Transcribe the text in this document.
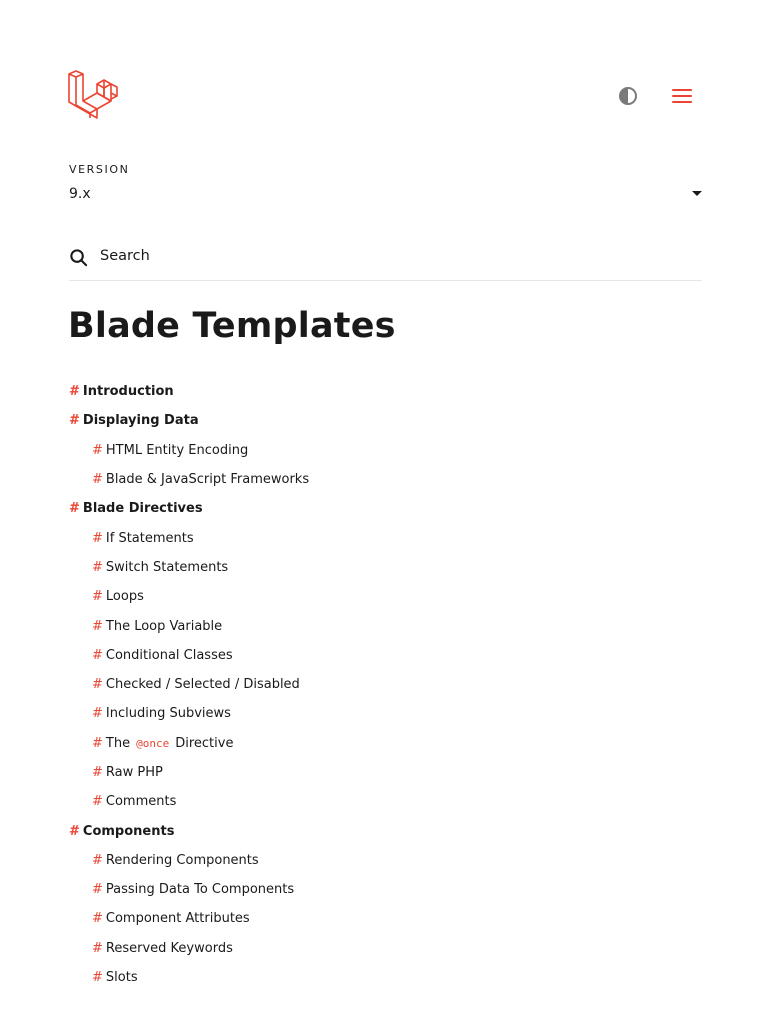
VERSION
9.x
Search
Blade Templates
# Introduction
# Displaying Data
# HTML Entity Encoding
# Blade & JavaScript Frameworks
# Blade Directives
# If Statements
# Switch Statements
# Loops
# The Loop Variable
# Conditional Classes
# Checked / Selected / Disabled
# Including Subviews
# The @once Directive
# Raw PHP
# Comments
# Components
# Rendering Components
# Passing Data To Components
# Component Attributes
# Reserved Keywords
# Slots
